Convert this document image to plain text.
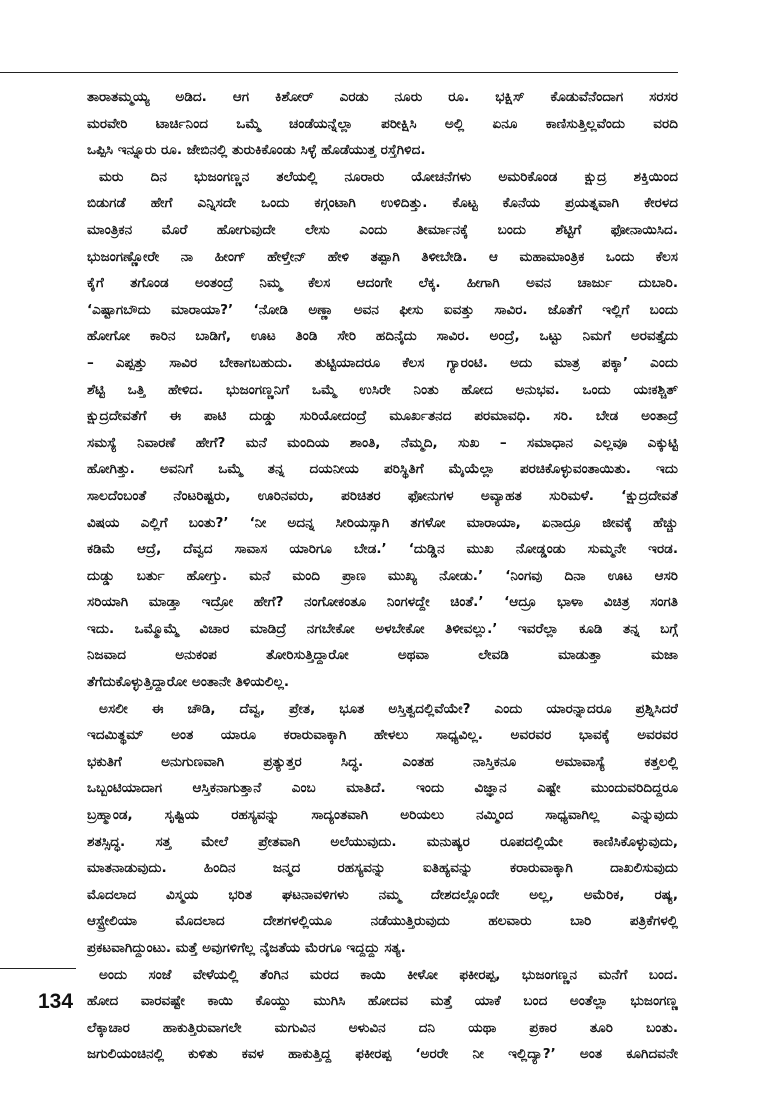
ತಾರಾತಮ್ಮಯ್ಯ ಅಡಿದ. ಆಗ ಕಿಶೋರ್ ಎರಡು ನೂರು ರೂ. ಭಕ್ಷಿಸ್ ಕೊಡುವೆನೆಂದಾಗ ಸರಸರ
ಮರವೇರಿ ಟಾರ್ಚಿನಿಂದ ಒಮ್ಮೆ ಚಂಡೆಯನ್ನೆಲ್ಲಾ ಪರೀಕ್ಷಿಸಿ ಅಲ್ಲಿ ಏನೂ ಕಾಣಿಸುತ್ತಿಲ್ಲವೆಂದು ವರದಿ
ಒಪ್ಪಿಸಿ ಇನ್ನೂರು ರೂ. ಜೇಬಿನಲ್ಲಿ ತುರುಕಿಕೊಂಡು ಸಿಳ್ಳೆ ಹೊಡೆಯುತ್ತ ರಸ್ತೆಗಿಳಿದ.
ಮರು ದಿನ ಭುಜಂಗಣ್ಣನ ತಲೆಯಲ್ಲಿ ನೂರಾರು ಯೋಚನೆಗಳು ಅಮರಿಕೊಂಡ ಕ್ಷುದ್ರ ಶಕ್ತಿಯಿಂದ
ಬಿಡುಗಡೆ ಹೇಗೆ ಎನ್ನಿಸದೇ ಒಂದು ಕಗ್ಗಂಟಾಗಿ ಉಳಿದಿತ್ತು. ಕೊಟ್ಟ ಕೊನೆಯ ಪ್ರಯತ್ನವಾಗಿ ಕೇರಳದ
ಮಾಂತ್ರಿಕನ ಮೊರೆ ಹೋಗುವುದೇ ಲೇಸು ಎಂದು ತೀರ್ಮಾನಕ್ಕೆ ಬಂದು ಶೆಟ್ಟಿಗೆ ಫೋನಾಯಿಸಿದ.
ಭುಜಂಗಣ್ಣೋರೇ ನಾ ಹೀಂಗ್ ಹೇಳ್ತೇನ್ ಹೇಳಿ ತಪ್ಪಾಗಿ ತಿಳೀಬೇಡಿ. ಆ ಮಹಾಮಾಂತ್ರಿಕ ಒಂದು ಕೆಲಸ
ಕೈಗೆ ತಗೊಂಡ ಅಂತಂದ್ರೆ ನಿಮ್ಮ ಕೆಲಸ ಆದಂಗೇ ಲೆಕ್ಕ. ಹೀಗಾಗಿ ಅವನ ಚಾರ್ಜು ದುಬಾರಿ.
‘ಎಷ್ಟಾಗಬೌದು ಮಾರಾಯಾ?’ ‘ನೋಡಿ ಅಣ್ಣಾ ಅವನ ಫೀಸು ಐವತ್ತು ಸಾವಿರ. ಜೊತೆಗೆ ಇಲ್ಲಿಗೆ ಬಂದು
ಹೋಗೋ ಕಾರಿನ ಬಾಡಿಗೆ, ಊಟ ತಿಂಡಿ ಸೇರಿ ಹದಿನೈದು ಸಾವಿರ. ಅಂದ್ರೆ, ಒಟ್ಟು ನಿಮಗೆ ಅರವತ್ತೈದು
– ಎಪ್ಪತ್ತು ಸಾವಿರ ಬೇಕಾಗಬಹುದು. ತುಟ್ಟಿಯಾದರೂ ಕೆಲಸ ಗ್ಯಾರಂಟಿ. ಅದು ಮಾತ್ರ ಪಕ್ಕಾ’ ಎಂದು
ಶೆಟ್ಟಿ ಒತ್ತಿ ಹೇಳಿದ. ಭುಜಂಗಣ್ಣನಿಗೆ ಒಮ್ಮೆ ಉಸಿರೇ ನಿಂತು ಹೋದ ಅನುಭವ. ಒಂದು ಯಃಕಶ್ಚಿತ್
ಕ್ಷುದ್ರದೇವತೆಗೆ ಈ ಪಾಟಿ ದುಡ್ಡು ಸುರಿಯೋದಂದ್ರೆ ಮೂರ್ಖತನದ ಪರಮಾವಧಿ. ಸರಿ. ಬೇಡ ಅಂತಾದ್ರೆ
ಸಮಸ್ಯೆ ನಿವಾರಣೆ ಹೇಗೆ? ಮನೆ ಮಂದಿಯ ಶಾಂತಿ, ನೆಮ್ಮದಿ, ಸುಖ – ಸಮಾಧಾನ ಎಲ್ಲವೂ ಎಕ್ಕುಟ್ಟಿ
ಹೋಗಿತ್ತು. ಅವನಿಗೆ ಒಮ್ಮೆ ತನ್ನ ದಯನೀಯ ಪರಿಸ್ಥಿತಿಗೆ ಮೈಯೆಲ್ಲಾ ಪರಚಿಕೊಳ್ಳುವಂತಾಯಿತು. ಇದು
ಸಾಲದೆಂಬಂತೆ ನೆಂಟರಿಷ್ಟರು, ಊರಿನವರು, ಪರಿಚಿತರ ಫೋನುಗಳ ಅವ್ಯಾಹತ ಸುರಿಮಳೆ. ‘ಕ್ಷುದ್ರದೇವತೆ
ವಿಷಯ ಎಲ್ಲಿಗೆ ಬಂತು?’ ‘ನೀ ಅದನ್ನ ಸೀರಿಯಸ್ಸಾಗಿ ತಗಳೋ ಮಾರಾಯಾ, ಏನಾದ್ರೂ ಜೀವಕ್ಕೆ ಹೆಚ್ಚು
ಕಡಿಮೆ ಆದ್ರೆ, ದೆವ್ವದ ಸಾವಾಸ ಯಾರಿಗೂ ಬೇಡ.’ ‘ದುಡ್ಡಿನ ಮುಖ ನೋಡ್ಡಂಡು ಸುಮ್ಮನೇ ಇರಡ.
ದುಡ್ಡು ಬರ್ತು ಹೋಗ್ತು. ಮನೆ ಮಂದಿ ಪ್ರಾಣ ಮುಖ್ಯ ನೋಡು.’ ‘ನಿಂಗವು ದಿನಾ ಊಟ ಆಸರಿ
ಸರಿಯಾಗಿ ಮಾಡ್ತಾ ಇದ್ರೋ ಹೇಗೆ? ನಂಗೋಕಂತೂ ನಿಂಗಳದ್ದೇ ಚಿಂತೆ.’ ‘ಆದ್ರೂ ಭಾಳಾ ವಿಚಿತ್ರ ಸಂಗತಿ
ಇದು. ಒಮ್ಮೊಮ್ಮೆ ವಿಚಾರ ಮಾಡಿದ್ರೆ ನಗಬೇಕೋ ಅಳಬೇಕೋ ತಿಳೀವಲ್ಲು.’ ಇವರೆಲ್ಲಾ ಕೂಡಿ ತನ್ನ ಬಗ್ಗೆ
ನಿಜವಾದ ಅನುಕಂಪ ತೋರಿಸುತ್ತಿದ್ದಾರೋ ಅಥವಾ ಲೇವಡಿ ಮಾಡುತ್ತಾ ಮಜಾ
ತೆಗೆದುಕೊಳ್ಳುತ್ತಿದ್ದಾರೋ ಅಂತಾನೇ ತಿಳಿಯಲಿಲ್ಲ.
ಅಸಲೀ ಈ ಚೌಡಿ, ದೆವ್ವ, ಪ್ರೇತ, ಭೂತ ಅಸ್ತಿತ್ವದಲ್ಲಿವೆಯೇ? ಎಂದು ಯಾರನ್ನಾದರೂ ಪ್ರಶ್ನಿಸಿದರೆ
ಇದಮಿತ್ಥಮ್ ಅಂತ ಯಾರೂ ಕರಾರುವಾಕ್ಕಾಗಿ ಹೇಳಲು ಸಾಧ್ಯವಿಲ್ಲ. ಅವರವರ ಭಾವಕ್ಕೆ ಅವರವರ
ಭಕುತಿಗೆ ಅನುಗುಣವಾಗಿ ಪ್ರತ್ಯುತ್ತರ ಸಿದ್ಧ. ಎಂತಹ ನಾಸ್ತಿಕನೂ ಅಮಾವಾಸ್ಯೆ ಕತ್ತಲಲ್ಲಿ
ಒಬ್ಬಂಟಿಯಾದಾಗ ಆಸ್ತಿಕನಾಗುತ್ತಾನೆ ಎಂಬ ಮಾತಿದೆ. ಇಂದು ವಿಜ್ಞಾನ ಎಷ್ಟೇ ಮುಂದುವರಿದಿದ್ದರೂ
ಬ್ರಹ್ಮಾಂಡ, ಸೃಷ್ಟಿಯ ರಹಸ್ಯವನ್ನು ಸಾದ್ಯಂತವಾಗಿ ಅರಿಯಲು ನಮ್ಮಿಂದ ಸಾಧ್ಯವಾಗಿಲ್ಲ ಎನ್ನುವುದು
ಶತಸ್ಸಿದ್ಧ. ಸತ್ತ ಮೇಲೆ ಪ್ರೇತವಾಗಿ ಅಲೆಯುವುದು. ಮನುಷ್ಯರ ರೂಪದಲ್ಲಿಯೇ ಕಾಣಿಸಿಕೊಳ್ಳುವುದು,
ಮಾತನಾಡುವುದು. ಹಿಂದಿನ ಜನ್ಮದ ರಹಸ್ಯವನ್ನು ಐತಿಹ್ಯವನ್ನು ಕರಾರುವಾಕ್ಕಾಗಿ ದಾಖಲಿಸುವುದು
ಮೊದಲಾದ ವಿಸ್ಮಯ ಭರಿತ ಘಟನಾವಳಿಗಳು ನಮ್ಮ ದೇಶದಲ್ಲೊಂದೇ ಅಲ್ಲ, ಅಮೆರಿಕ, ರಷ್ಯ,
ಆಸ್ಟ್ರೇಲಿಯಾ ಮೊದಲಾದ ದೇಶಗಳಲ್ಲಿಯೂ ನಡೆಯುತ್ತಿರುವುದು ಹಲವಾರು ಬಾರಿ ಪತ್ರಿಕೆಗಳಲ್ಲಿ
ಪ್ರಕಟವಾಗಿದ್ದುಂಟು. ಮತ್ತೆ ಅವುಗಳಿಗೆಲ್ಲ ನೈಜತೆಯ ಮೆರಗೂ ಇದ್ದದ್ದು ಸತ್ಯ.
ಅಂದು ಸಂಜೆ ವೇಳೆಯಲ್ಲಿ ತೆಂಗಿನ ಮರದ ಕಾಯಿ ಕೀಳೋ ಫಕೀರಪ್ಪ, ಭುಜಂಗಣ್ಣನ ಮನೆಗೆ ಬಂದ.
ಹೋದ ವಾರವಷ್ಟೇ ಕಾಯಿ ಕೊಯ್ದು ಮುಗಿಸಿ ಹೋದವ ಮತ್ತೆ ಯಾಕೆ ಬಂದ ಅಂತೆಲ್ಲಾ ಭುಜಂಗಣ್ಣ
ಲೆಕ್ಕಾಚಾರ ಹಾಕುತ್ತಿರುವಾಗಲೇ ಮಗುವಿನ ಅಳುವಿನ ದನಿ ಯಥಾ ಪ್ರಕಾರ ತೂರಿ ಬಂತು.
ಜಗುಲಿಯಂಚಿನಲ್ಲಿ ಕುಳಿತು ಕವಳ ಹಾಕುತ್ತಿದ್ದ ಫಕೀರಪ್ಪ ‘ಅರರೇ ನೀ ಇಲ್ಲಿದ್ಯಾ?’ ಅಂತ ಕೂಗಿದವನೇ
134
